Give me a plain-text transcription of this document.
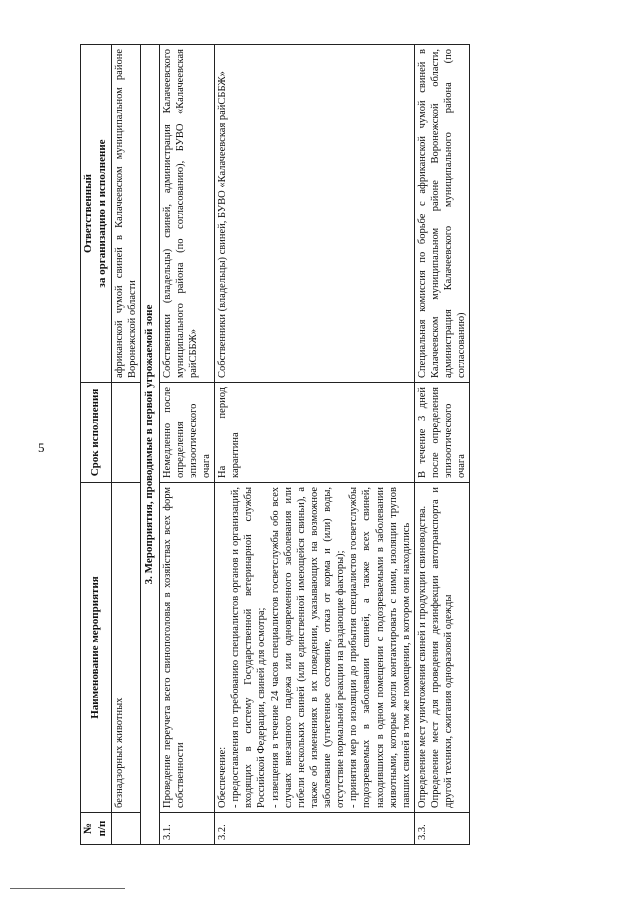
5
№ п/п	Наименование мероприятия	Срок исполнения	Ответственный за организацию и исполнение

	безнадзорных животных		африканской чумой свиней в Калачеевском муниципальном районе Воронежской области
3. Мероприятия, проводимые в первой угрожаемой зоне			
3.1.	Проведение переучета всего свинопоголовья в хозяйствах всех форм собственности	Немедленно после определения эпизоотического очага	Собственники (владельцы) свиней, администрация Калачеевского муниципального района (по согласованию), БУВО «Калачеевская райСББЖ»
3.2.	Обеспечение: - предоставления по требованию специалистов органов и организаций, входящих в систему Государственной ветеринарной службы Российской Федерации, свиней для осмотра; - извещения в течение 24 часов специалистов госветслужбы обо всех случаях внезапного падежа или одновременного заболевания или гибели нескольких свиней (или единственной имеющейся свиньи), а также об изменениях в их поведении, указывающих на возможное заболевание (угнетенное состояние, отказ от корма и (или) воды, отсутствие нормальной реакции на раздающие факторы); - принятия мер по изоляции до прибытия специалистов госветслужбы подозреваемых в заболевании свиней, а также всех свиней, находившихся в одном помещении с подозреваемыми в заболевании животными, которые могли контактировать с ними, изоляции трупов павших свиней в том же помещении, в котором они находились	На период карантина	Собственники (владельцы) свиней, БУВО «Калачеевская райСББЖ»
3.3.	Определение мест уничтожения свиней и продукции свиноводства. Определение мест для проведения дезинфекции автотранспорта и другой техники, сжигания одноразовой одежды	В течение 3 дней после определения эпизоотического очага	Специальная комиссия по борьбе с африканской чумой свиней в Калачеевском муниципальном районе Воронежской области, администрация Калачеевского муниципального района (по согласованию)
